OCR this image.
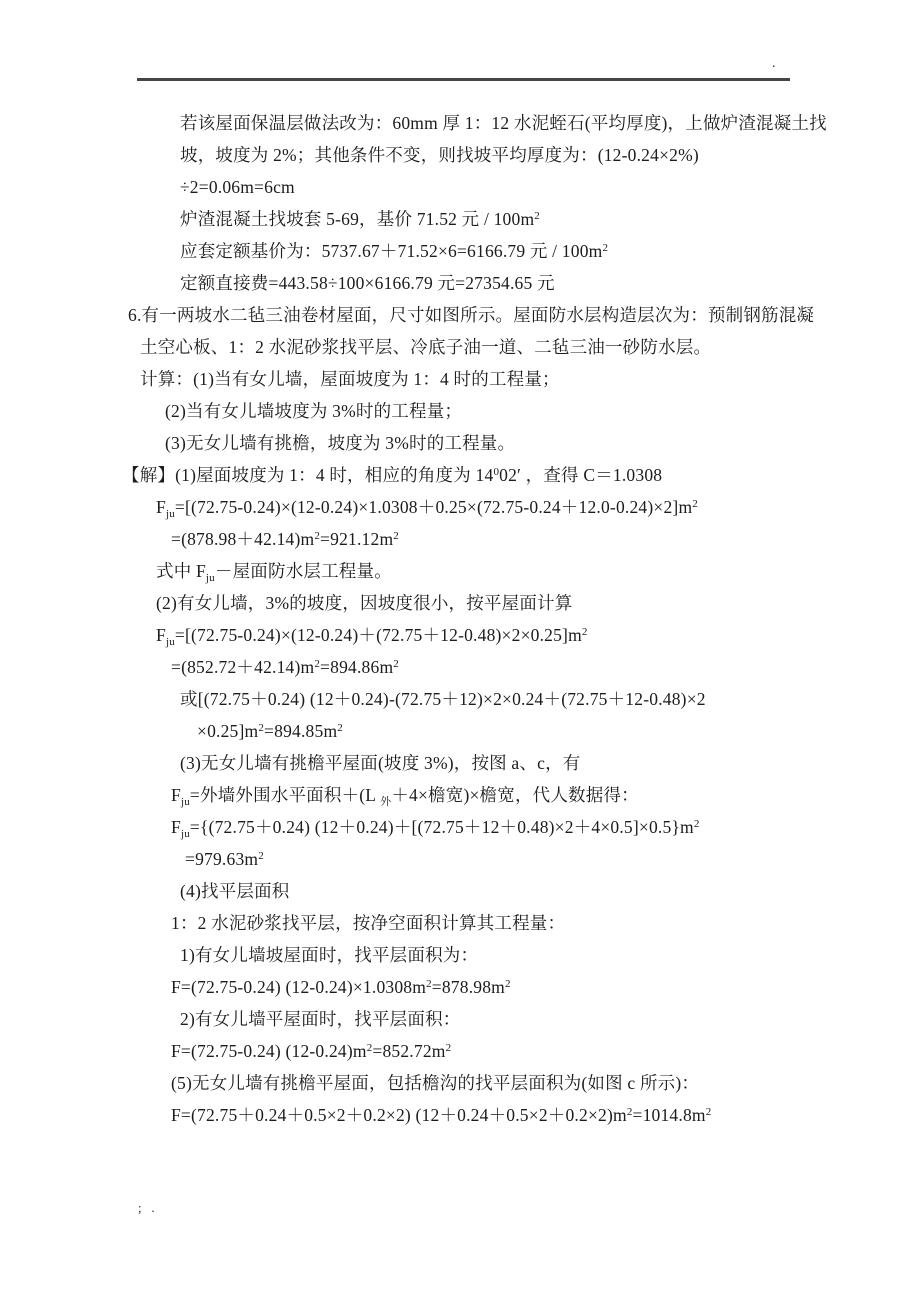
.
若该屋面保温层做法改为：60mm 厚 1：12 水泥蛭石(平均厚度)，上做炉渣混凝土找
坡，坡度为 2%；其他条件不变，则找坡平均厚度为：(12-0.24×2%)
÷2=0.06m=6cm
炉渣混凝土找坡套 5-69，基价 71.52 元 / $100m^2$
应套定额基价为：5737.67＋71.52×6=6166.79 元 / $100m^2$
定额直接费=443.58÷100×6166.79 元=27354.65 元
6.有一两坡水二毡三油卷材屋面，尺寸如图所示。屋面防水层构造层次为：预制钢筋混凝
土空心板、1：2 水泥砂浆找平层、冷底子油一道、二毡三油一砂防水层。
计算：(1)当有女儿墙，屋面坡度为 1：4 时的工程量；
(2)当有女儿墙坡度为 3%时的工程量；
(3)无女儿墙有挑檐，坡度为 3%时的工程量。
【解】(1)屋面坡度为 1：4 时，相应的角度为 $14^002'$ ，查得 C＝1.0308
$F_{ju}=[(72.75-0.24)\times(12-0.24)\times 1.0308+0.25\times(72.75-0.24+12.0-0.24)\times 2]m^2$
$=(878.98+42.14)m^2=921.12m^2$
式中 $F_{ju}-$屋面防水层工程量。
(2)有女儿墙，3%的坡度，因坡度很小，按平屋面计算
$F_{ju}=[(72.75-0.24)\times(12-0.24)+(72.75+12-0.48)\times 2\times 0.25]m^2$
$=(852.72+42.14)m^2=894.86m^2$
或[(72.75＋0.24) (12＋0.24)-(72.75＋12)×2×0.24＋(72.75＋12-0.48)×2
$\times 0.25]m^2=894.85m^2$
(3)无女儿墙有挑檐平屋面(坡度 3%)，按图 a、c，有
$F_{ju}=$外墙外围水平面积＋(L $_外$＋4×檐宽)×檐宽，代人数据得：
$F_{ju}=\{(72.75+0.24)$ $(12+0.24)+[(72.75+12+0.48)\times 2+4\times 0.5]\times 0.5\}m^2$
$=979.63m^2$
(4)找平层面积
1：2 水泥砂浆找平层，按净空面积计算其工程量：
1)有女儿墙坡屋面时，找平层面积为：
F=(72.75-0.24) $(12-0.24)\times 1.0308m^2=878.98m^2$
2)有女儿墙平屋面时，找平层面积：
F=(72.75-0.24) $(12-0.24)m^2=852.72m^2$
(5)无女儿墙有挑檐平屋面，包括檐沟的找平层面积为(如图 c 所示)：
F=(72.75＋0.24＋0.5×2＋0.2×2) $(12+0.24+0.5\times 2+0.2\times 2)m^2=1014.8m^2$
;   .
